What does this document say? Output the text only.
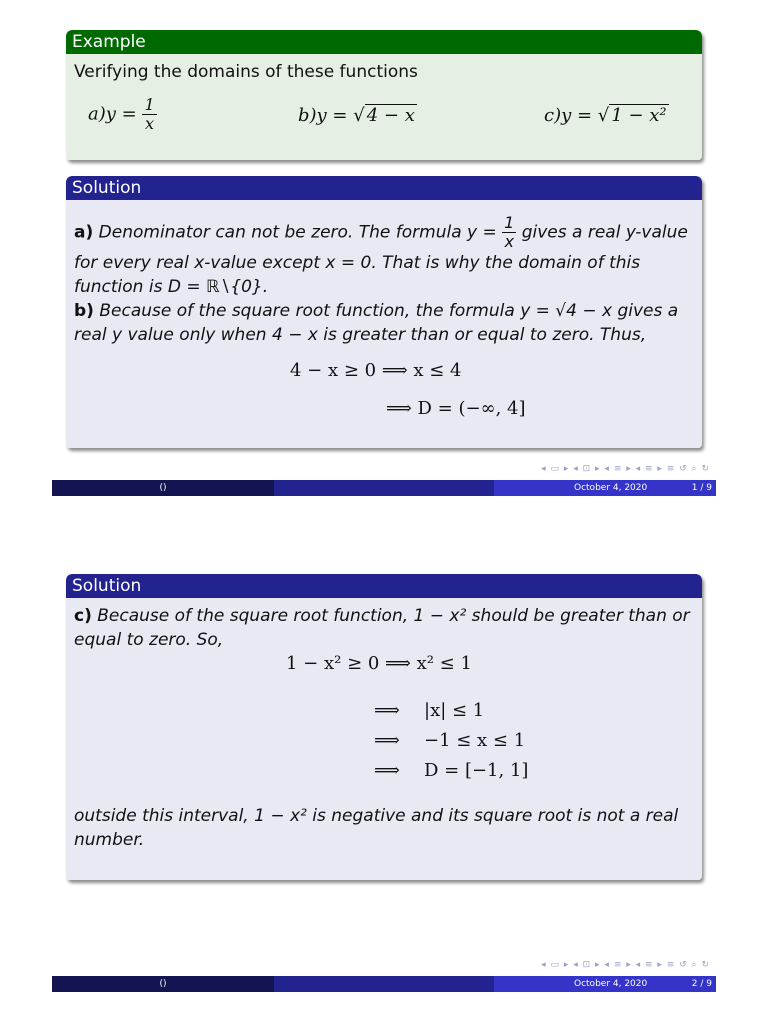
Example
Verifying the domains of these functions
$a)y = \frac{1}{x}$	b)y = √ 4 − x	c)y = √ 1 − x²
Solution
a) Denominator can not be zero. The formula $y = \frac{1}{x}$ gives a real y-value for every real x-value except x = 0. That is why the domain of this function is D = ℝ∖{0}.
b) Because of the square root function, the formula y = √4 − x gives a real y value only when 4 − x is greater than or equal to zero. Thus,
4 − x ≥ 0 ⟹ x ≤ 4
⟹ D = (−∞, 4]
◂ ▭ ▸ ◂ ⊡ ▸ ◂ ≡ ▸ ◂ ≡ ▸ ≡ ↺ ⌕ ↻
()	October 4, 2020	1 / 9
Solution
c) Because of the square root function, 1 − x² should be greater than or equal to zero. So,
1 − x² ≥ 0 ⟹ x² ≤ 1
⟹ |x| ≤ 1
⟹ −1 ≤ x ≤ 1
⟹ D = [−1, 1]
outside this interval, 1 − x² is negative and its square root is not a real number.
◂ ▭ ▸ ◂ ⊡ ▸ ◂ ≡ ▸ ◂ ≡ ▸ ≡ ↺ ⌕ ↻
()	October 4, 2020	2 / 9
